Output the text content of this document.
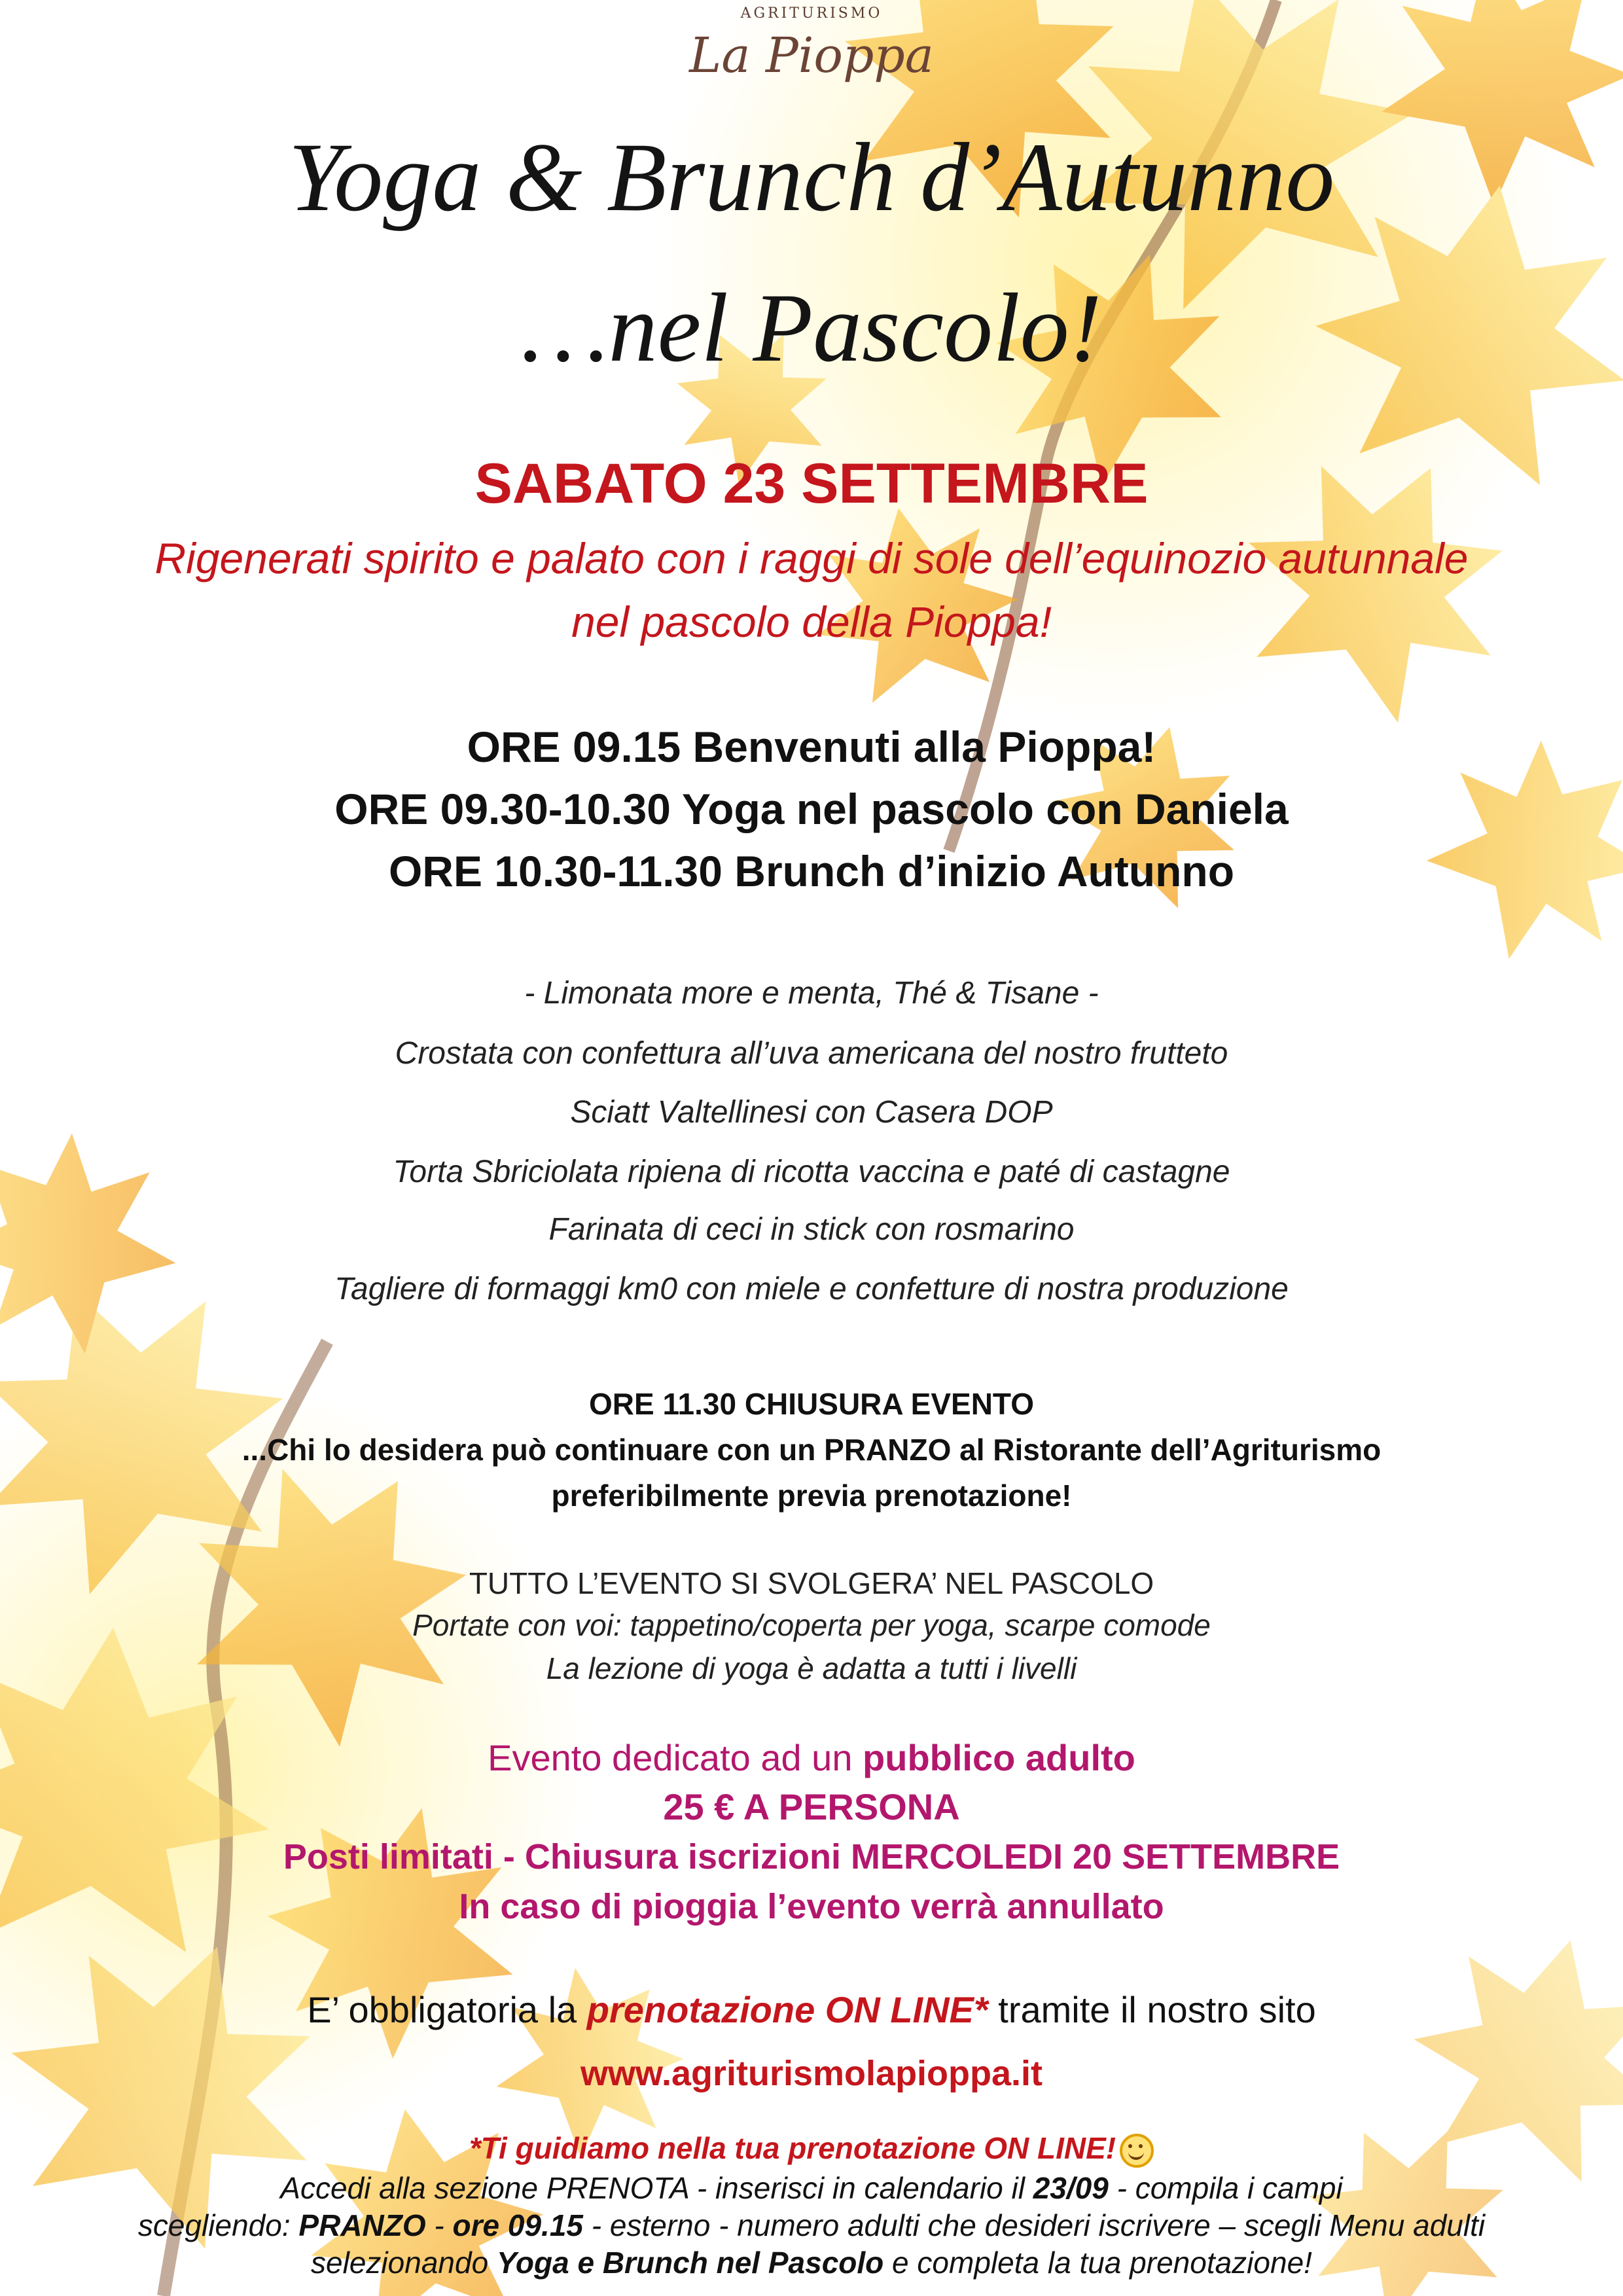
AGRITURISMO
La Pioppa
Yoga & Brunch d’Autunno
…nel Pascolo!
SABATO 23 SETTEMBRE
Rigenerati spirito e palato con i raggi di sole dell’equinozio autunnale
nel pascolo della Pioppa!
ORE 09.15 Benvenuti alla Pioppa!
ORE 09.30-10.30 Yoga nel pascolo con Daniela
ORE 10.30-11.30 Brunch d’inizio Autunno
- Limonata more e menta, Thé & Tisane -
Crostata con confettura all’uva americana del nostro frutteto
Sciatt Valtellinesi con Casera DOP
Torta Sbriciolata ripiena di ricotta vaccina e paté di castagne
Farinata di ceci in stick con rosmarino
Tagliere di formaggi km0 con miele e confetture di nostra produzione
ORE 11.30 CHIUSURA EVENTO
...Chi lo desidera può continuare con un PRANZO al Ristorante dell’Agriturismo
preferibilmente previa prenotazione!
TUTTO L’EVENTO SI SVOLGERA’ NEL PASCOLO
Portate con voi: tappetino/coperta per yoga, scarpe comode
La lezione di yoga è adatta a tutti i livelli
Evento dedicato ad un pubblico adulto
25 € A PERSONA
Posti limitati - Chiusura iscrizioni MERCOLEDI 20 SETTEMBRE
In caso di pioggia l’evento verrà annullato
E’ obbligatoria la prenotazione ON LINE* tramite il nostro sito
www.agriturismolapioppa.it
*Ti guidiamo nella tua prenotazione ON LINE!
Accedi alla sezione PRENOTA - inserisci in calendario il 23/09 - compila i campi
scegliendo: PRANZO - ore 09.15 - esterno - numero adulti che desideri iscrivere – scegli Menu adulti
selezionando Yoga e Brunch nel Pascolo e completa la tua prenotazione!
